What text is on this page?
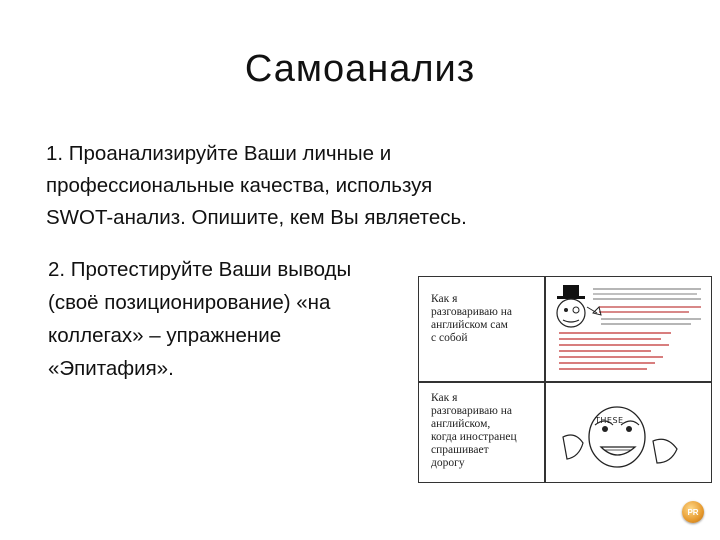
Самоанализ
1. Проанализируйте Ваши личные и
профессиональные качества, используя
SWOT-анализ. Опишите, кем Вы являетесь.
2. Протестируйте Ваши выводы
(своё позиционирование) «на
коллегах» – упражнение
«Эпитафия».
Как я
разговариваю на
английском сам
с собой
Как я
разговариваю на
английском,
когда иностранец
спрашивает
дорогу
THESE
PR
